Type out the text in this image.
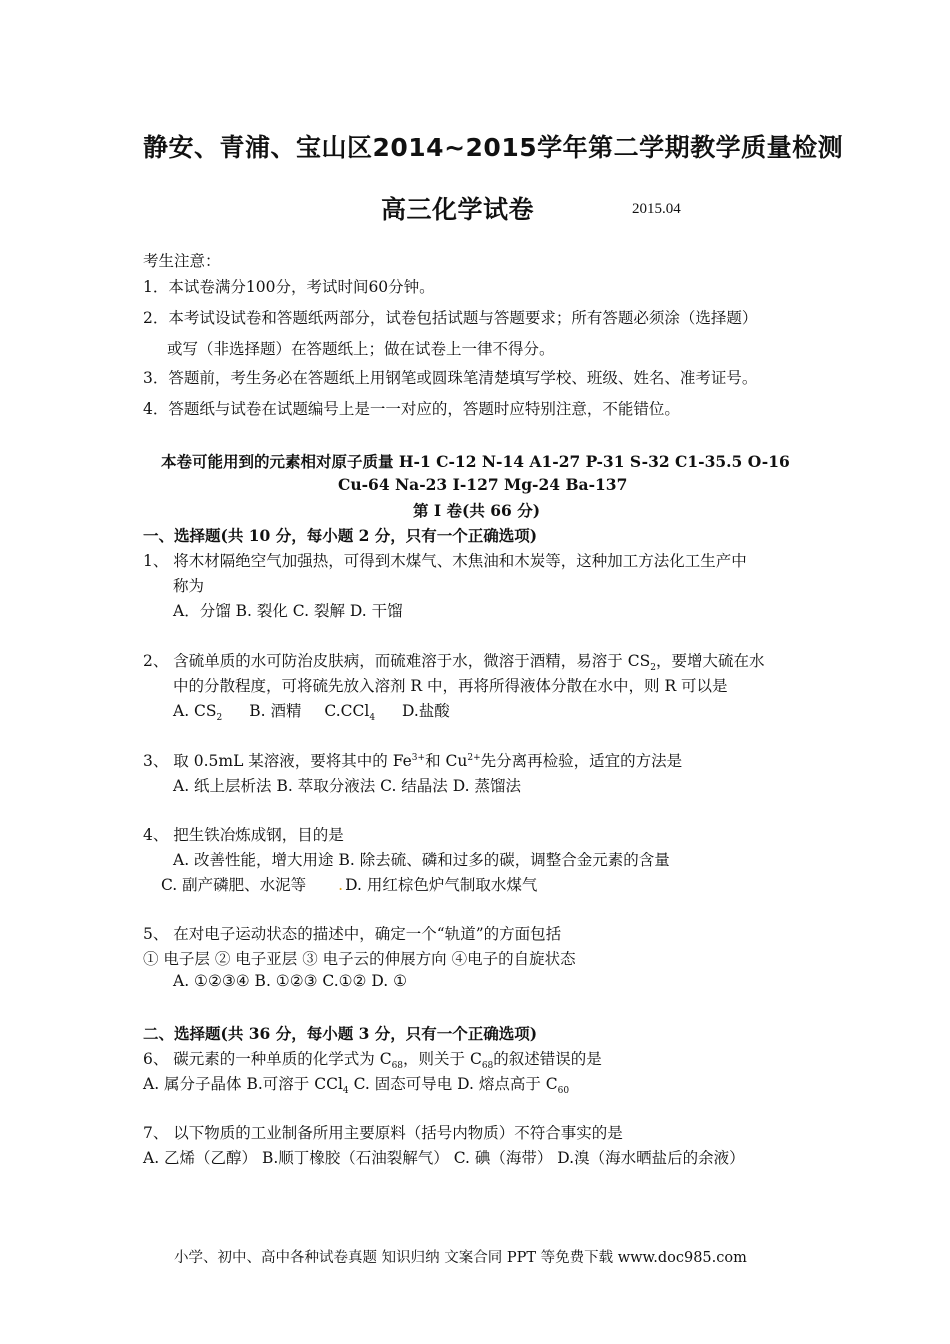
静安、青浦、宝山区2014~2015学年第二学期教学质量检测
高三化学试卷	2015.04
考生注意：
1．本试卷满分100分，考试时间60分钟。
2．本考试设试卷和答题纸两部分，试卷包括试题与答题要求；所有答题必须涂（选择题）
或写（非选择题）在答题纸上；做在试卷上一律不得分。
3．答题前，考生务必在答题纸上用钢笔或圆珠笔清楚填写学校、班级、姓名、准考证号。
4．答题纸与试卷在试题编号上是一一对应的，答题时应特别注意，不能错位。
本卷可能用到的元素相对原子质量 H-1 C-12 N-14 A1-27 P-31 S-32 C1-35.5 O-16
Cu-64 Na-23 I-127 Mg-24 Ba-137
第 I 卷(共 66 分)
一、选择题(共 10 分，每小题 2 分，只有一个正确选项)
1、 将木材隔绝空气加强热，可得到木煤气、木焦油和木炭等，这种加工方法化工生产中
称为
A．分馏 B. 裂化 C. 裂解 D. 干馏
2、 含硫单质的水可防治皮肤病，而硫难溶于水，微溶于酒精，易溶于 $CS_2$，要增大硫在水
中的分散程度，可将硫先放入溶剂 R 中，再将所得液体分散在水中，则 R 可以是
A. $CS_2$ B. 酒精 C.CCl$_4$ D.盐酸
3、 取 0.5mL 某溶液，要将其中的 $Fe^{3+}$和 $Cu^{2+}$先分离再检验，适宜的方法是
A. 纸上层析法 B. 萃取分液法 C. 结晶法 D. 蒸馏法
4、 把生铁冶炼成钢，目的是
A. 改善性能，增大用途 B. 除去硫、磷和过多的碳，调整合金元素的含量
C. 副产磷肥、水泥等 . D. 用红棕色炉气制取水煤气
5、 在对电子运动状态的描述中，确定一个“轨道”的方面包括
① 电子层 ② 电子亚层 ③ 电子云的伸展方向 ④电子的自旋状态
A. ①②③④ B. ①②③ C.①② D. ①
二、选择题(共 36 分，每小题 3 分，只有一个正确选项)
6、 碳元素的一种单质的化学式为 $C_{68}$，则关于 $C_{68}$的叙述错误的是
A. 属分子晶体 B.可溶于 CCl$_4$ C. 固态可导电 D. 熔点高于 $C_{60}$
7、 以下物质的工业制备所用主要原料（括号内物质）不符合事实的是
A. 乙烯（乙醇） B.顺丁橡胶（石油裂解气） C. 碘（海带） D.溴（海水晒盐后的余液）
小学、初中、高中各种试卷真题 知识归纳 文案合同 PPT 等免费下载 www.doc985.com
